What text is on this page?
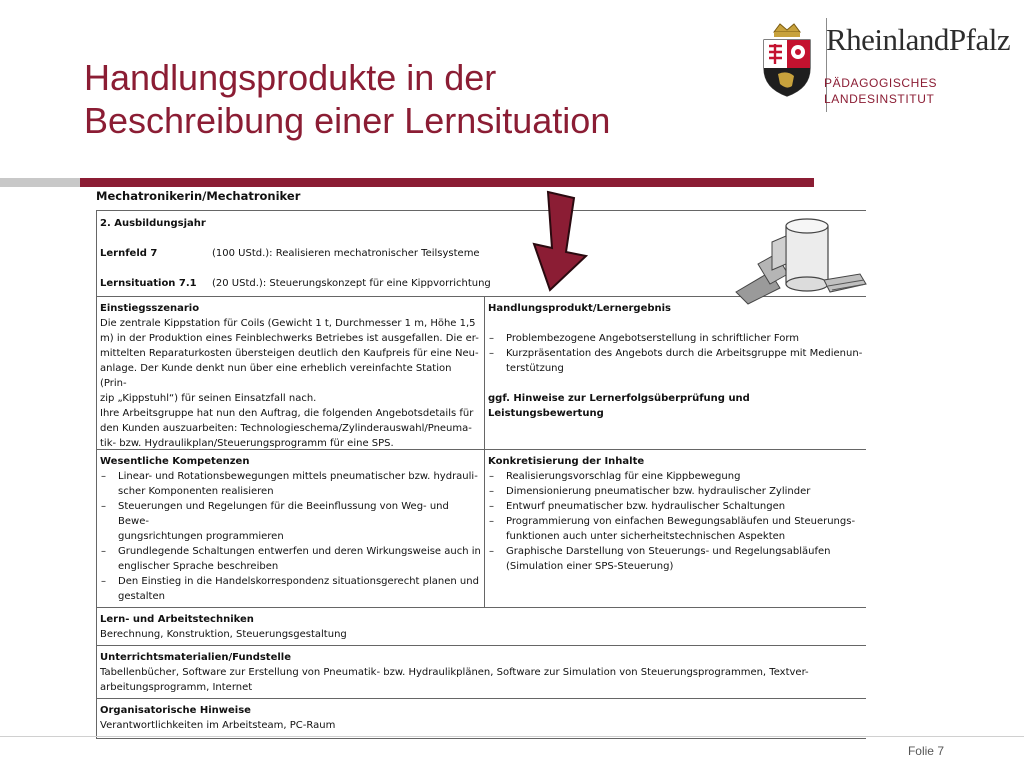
Handlungsprodukte in der
Beschreibung einer Lernsituation
RheinlandPfalz
PÄDAGOGISCHES
LANDESINSTITUT
Mechatronikerin/Mechatroniker
2. Ausbildungsjahr
Lernfeld 7	(100 UStd.): Realisieren mechatronischer Teilsysteme
Lernsituation 7.1	(20 UStd.): Steuerungskonzept für eine Kippvorrichtung
Einstiegsszenario
Die zentrale Kippstation für Coils (Gewicht 1 t, Durchmesser 1 m, Höhe 1,5
m) in der Produktion eines Feinblechwerks Betriebes ist ausgefallen. Die er-
mittelten Reparaturkosten übersteigen deutlich den Kaufpreis für eine Neu-
anlage. Der Kunde denkt nun über eine erheblich vereinfachte Station (Prin-
zip „Kippstuhl“) für seinen Einsatzfall nach.
Ihre Arbeitsgruppe hat nun den Auftrag, die folgenden Angebotsdetails für
den Kunden auszuarbeiten: Technologieschema/Zylinderauswahl/Pneuma-
tik- bzw. Hydraulikplan/Steuerungsprogramm für eine SPS.
Handlungsprodukt/Lernergebnis
– Problembezogene Angebotserstellung in schriftlicher Form
– Kurzpräsentation des Angebots durch die Arbeitsgruppe mit Medienun-
terstützung
ggf. Hinweise zur Lernerfolgsüberprüfung und Leistungsbewertung
Wesentliche Kompetenzen
– Linear- und Rotationsbewegungen mittels pneumatischer bzw. hydrauli-
scher Komponenten realisieren
– Steuerungen und Regelungen für die Beeinflussung von Weg- und Bewe-
gungsrichtungen programmieren
– Grundlegende Schaltungen entwerfen und deren Wirkungsweise auch in
englischer Sprache beschreiben
– Den Einstieg in die Handelskorrespondenz situationsgerecht planen und
gestalten
Konkretisierung der Inhalte
– Realisierungsvorschlag für eine Kippbewegung
– Dimensionierung pneumatischer bzw. hydraulischer Zylinder
– Entwurf pneumatischer bzw. hydraulischer Schaltungen
– Programmierung von einfachen Bewegungsabläufen und Steuerungs-
funktionen auch unter sicherheitstechnischen Aspekten
– Graphische Darstellung von Steuerungs- und Regelungsabläufen
(Simulation einer SPS-Steuerung)
Lern- und Arbeitstechniken
Berechnung, Konstruktion, Steuerungsgestaltung
Unterrichtsmaterialien/Fundstelle
Tabellenbücher, Software zur Erstellung von Pneumatik- bzw. Hydraulikplänen, Software zur Simulation von Steuerungsprogrammen, Textver-
arbeitungsprogramm, Internet
Organisatorische Hinweise
Verantwortlichkeiten im Arbeitsteam, PC-Raum
Folie 7
